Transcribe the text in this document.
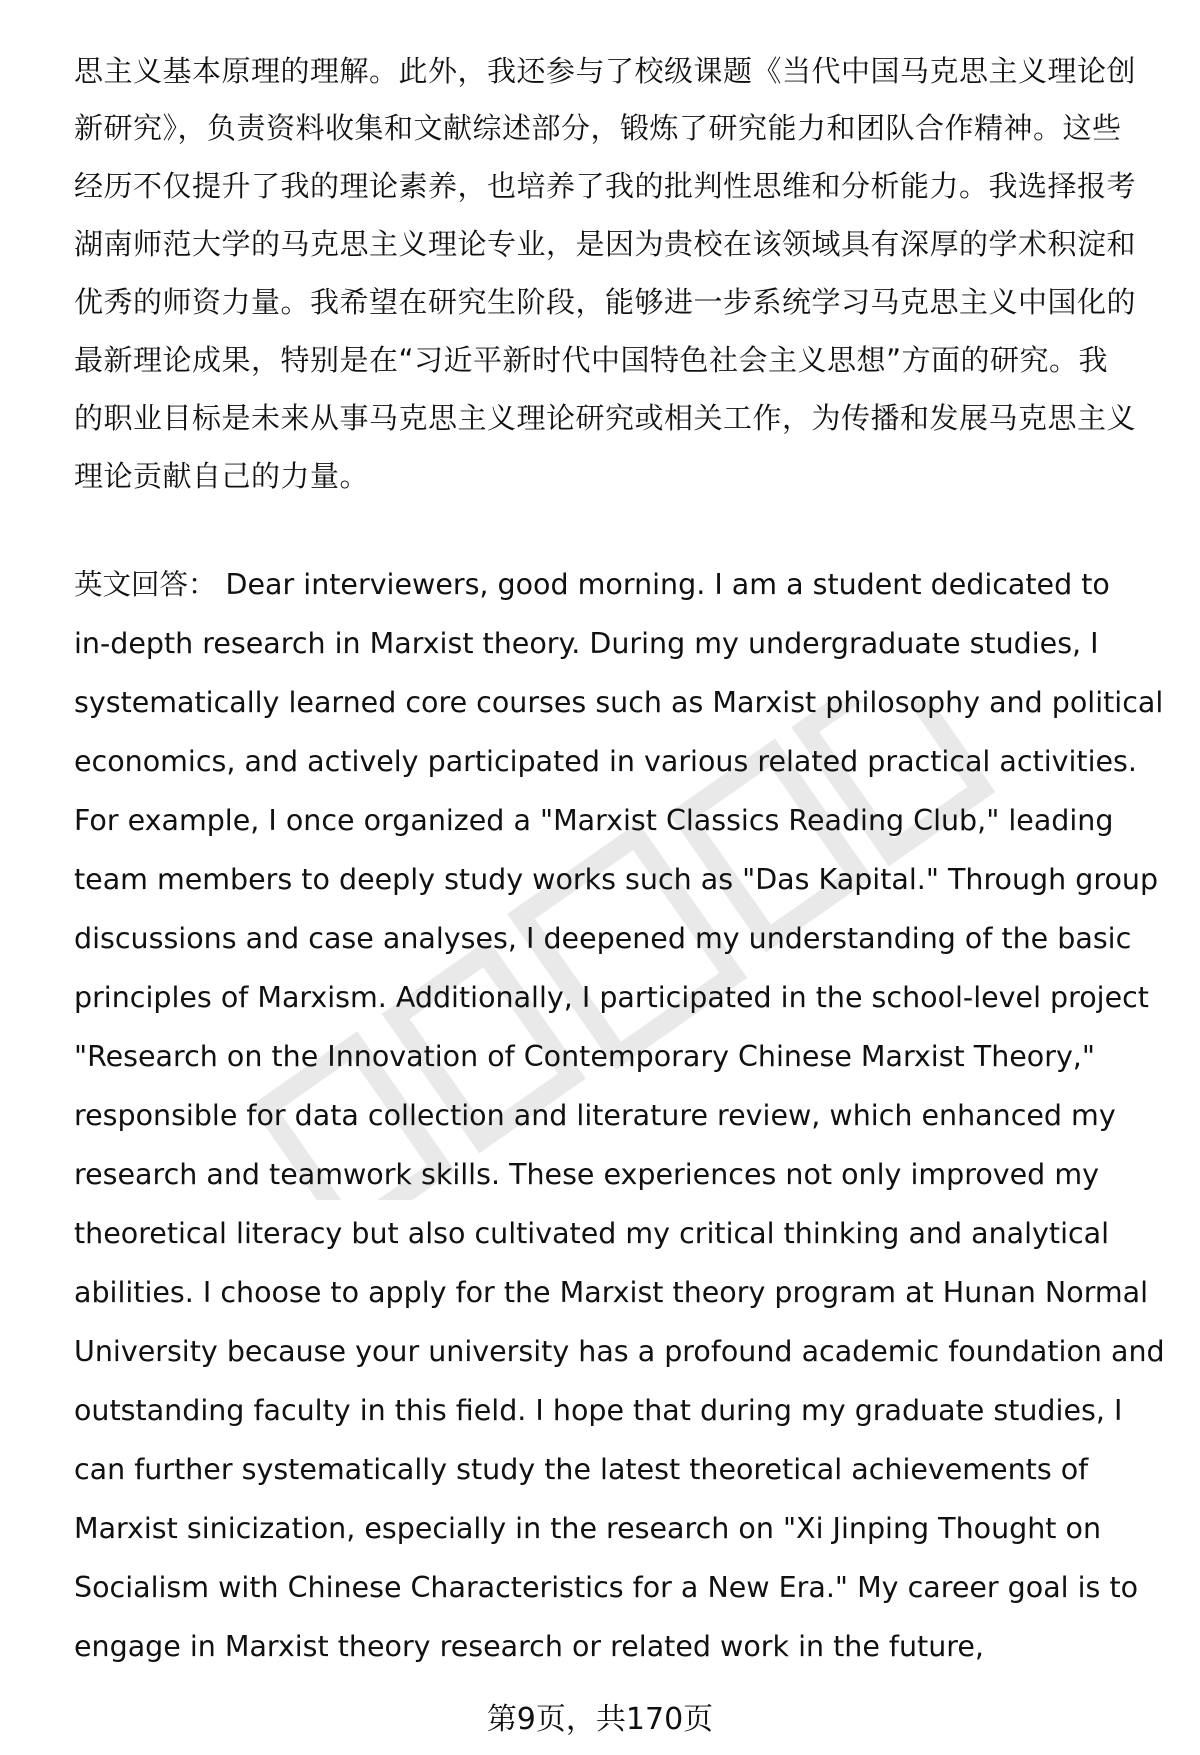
思主义基本原理的理解。此外，我还参与了校级课题《当代中国马克思主义理论创
新研究》，负责资料收集和文献综述部分，锻炼了研究能力和团队合作精神。这些
经历不仅提升了我的理论素养，也培养了我的批判性思维和分析能力。我选择报考
湖南师范大学的马克思主义理论专业，是因为贵校在该领域具有深厚的学术积淀和
优秀的师资力量。我希望在研究生阶段，能够进一步系统学习马克思主义中国化的
最新理论成果，特别是在“习近平新时代中国特色社会主义思想”方面的研究。我
的职业目标是未来从事马克思主义理论研究或相关工作，为传播和发展马克思主义
理论贡献自己的力量。
英文回答： Dear interviewers, good morning. I am a student dedicated to
in-depth research in Marxist theory. During my undergraduate studies, I
systematically learned core courses such as Marxist philosophy and political
economics, and actively participated in various related practical activities.
For example, I once organized a "Marxist Classics Reading Club," leading
team members to deeply study works such as "Das Kapital." Through group
discussions and case analyses, I deepened my understanding of the basic
principles of Marxism. Additionally, I participated in the school-level project
"Research on the Innovation of Contemporary Chinese Marxist Theory,"
responsible for data collection and literature review, which enhanced my
research and teamwork skills. These experiences not only improved my
theoretical literacy but also cultivated my critical thinking and analytical
abilities. I choose to apply for the Marxist theory program at Hunan Normal
University because your university has a profound academic foundation and
outstanding faculty in this field. I hope that during my graduate studies, I
can further systematically study the latest theoretical achievements of
Marxist sinicization, especially in the research on "Xi Jinping Thought on
Socialism with Chinese Characteristics for a New Era." My career goal is to
engage in Marxist theory research or related work in the future,
第9页，共170页
